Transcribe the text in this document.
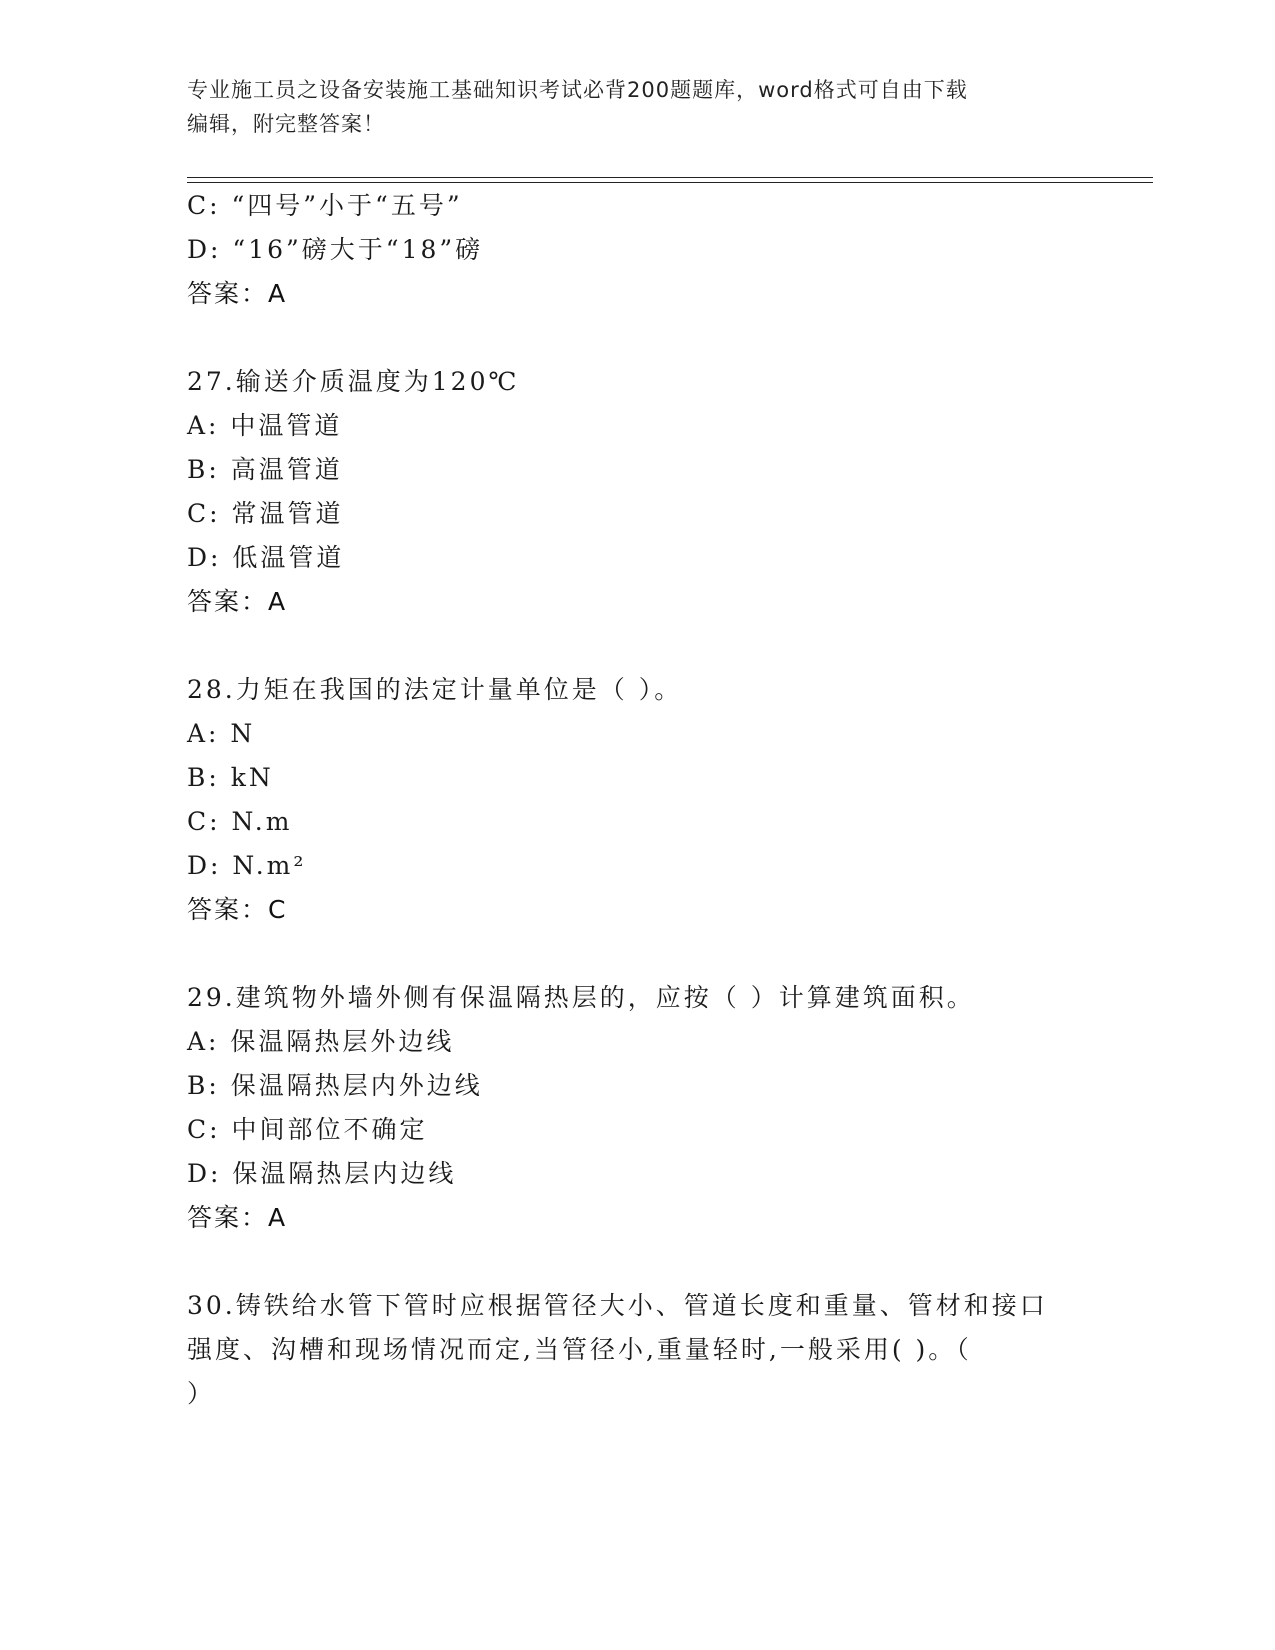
专业施工员之设备安装施工基础知识考试必背200题题库，word格式可自由下载
编辑，附完整答案！
C: “四号”小于“五号”
D: “16”磅大于“18”磅
答案：A
27.输送介质温度为120℃
A: 中温管道
B: 高温管道
C: 常温管道
D: 低温管道
答案：A
28.力矩在我国的法定计量单位是（ ）。
A: N
B: kN
C: N.m
D: N.m²
答案：C
29.建筑物外墙外侧有保温隔热层的，应按（ ）计算建筑面积。
A: 保温隔热层外边线
B: 保温隔热层内外边线
C: 中间部位不确定
D: 保温隔热层内边线
答案：A
30.铸铁给水管下管时应根据管径大小、管道长度和重量、管材和接口
强度、沟槽和现场情况而定,当管径小,重量轻时,一般采用( )。（
）
